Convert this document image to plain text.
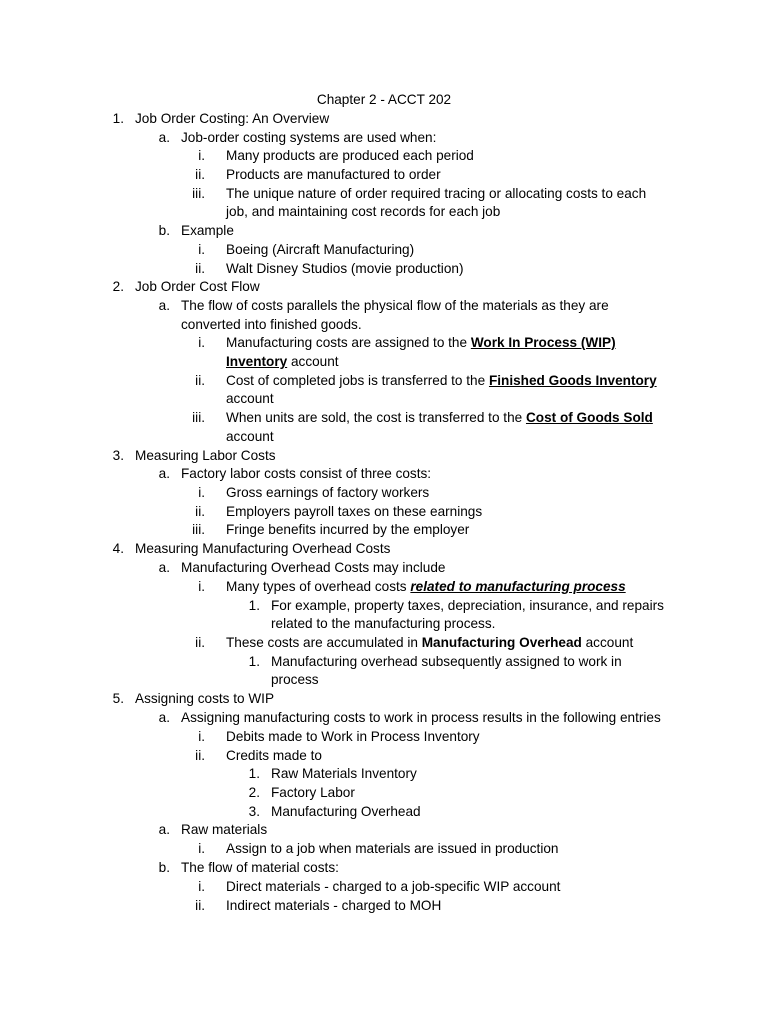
Chapter 2 - ACCT 202
1. Job Order Costing: An Overview
a. Job-order costing systems are used when:
i. Many products are produced each period
ii. Products are manufactured to order
iii. The unique nature of order required tracing or allocating costs to each
job, and maintaining cost records for each job
b. Example
i. Boeing (Aircraft Manufacturing)
ii. Walt Disney Studios (movie production)
2. Job Order Cost Flow
a. The flow of costs parallels the physical flow of the materials as they are
converted into finished goods.
i. Manufacturing costs are assigned to the Work In Process (WIP)
Inventory account
ii. Cost of completed jobs is transferred to the Finished Goods Inventory
account
iii. When units are sold, the cost is transferred to the Cost of Goods Sold
account
3. Measuring Labor Costs
a. Factory labor costs consist of three costs:
i. Gross earnings of factory workers
ii. Employers payroll taxes on these earnings
iii. Fringe benefits incurred by the employer
4. Measuring Manufacturing Overhead Costs
a. Manufacturing Overhead Costs may include
i. Many types of overhead costs related to manufacturing process
1. For example, property taxes, depreciation, insurance, and repairs
related to the manufacturing process.
ii. These costs are accumulated in Manufacturing Overhead account
1. Manufacturing overhead subsequently assigned to work in
process
5. Assigning costs to WIP
a. Assigning manufacturing costs to work in process results in the following entries
i. Debits made to Work in Process Inventory
ii. Credits made to
1. Raw Materials Inventory
2. Factory Labor
3. Manufacturing Overhead
a. Raw materials
i. Assign to a job when materials are issued in production
b. The flow of material costs:
i. Direct materials - charged to a job-specific WIP account
ii. Indirect materials - charged to MOH
